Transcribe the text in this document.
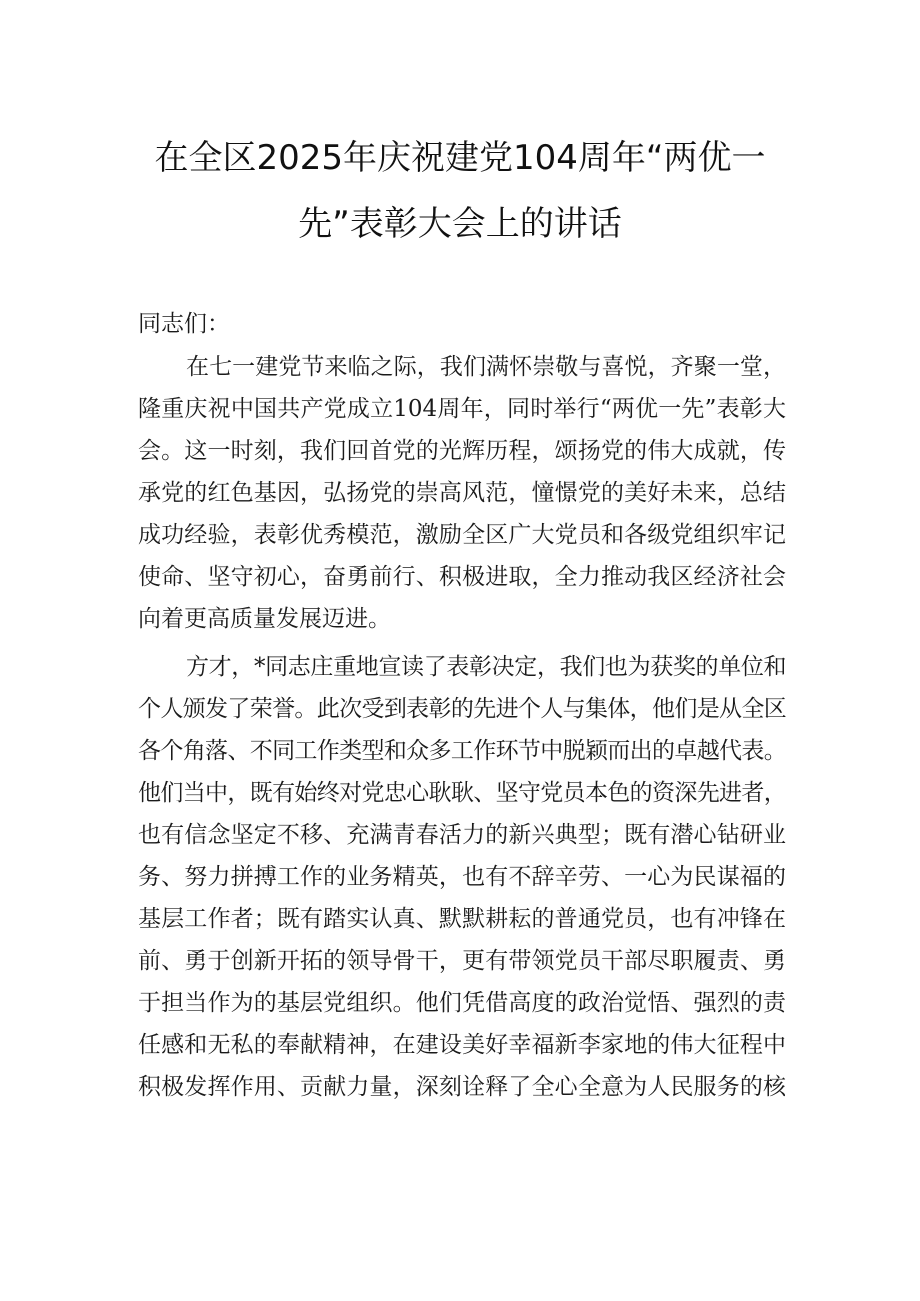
在全区2025年庆祝建党104周年“两优一
先”表彰大会上的讲话
同志们：
在七一建党节来临之际，我们满怀崇敬与喜悦，齐聚一堂，
隆重庆祝中国共产党成立104周年，同时举行“两优一先”表彰大
会。这一时刻，我们回首党的光辉历程，颂扬党的伟大成就，传
承党的红色基因，弘扬党的崇高风范，憧憬党的美好未来，总结
成功经验，表彰优秀模范，激励全区广大党员和各级党组织牢记
使命、坚守初心，奋勇前行、积极进取，全力推动我区经济社会
向着更高质量发展迈进。
方才，*同志庄重地宣读了表彰决定，我们也为获奖的单位和
个人颁发了荣誉。此次受到表彰的先进个人与集体，他们是从全区
各个角落、不同工作类型和众多工作环节中脱颖而出的卓越代表。
他们当中，既有始终对党忠心耿耿、坚守党员本色的资深先进者，
也有信念坚定不移、充满青春活力的新兴典型；既有潜心钻研业
务、努力拼搏工作的业务精英，也有不辞辛劳、一心为民谋福的
基层工作者；既有踏实认真、默默耕耘的普通党员，也有冲锋在
前、勇于创新开拓的领导骨干，更有带领党员干部尽职履责、勇
于担当作为的基层党组织。他们凭借高度的政治觉悟、强烈的责
任感和无私的奉献精神，在建设美好幸福新李家地的伟大征程中
积极发挥作用、贡献力量，深刻诠释了全心全意为人民服务的核
